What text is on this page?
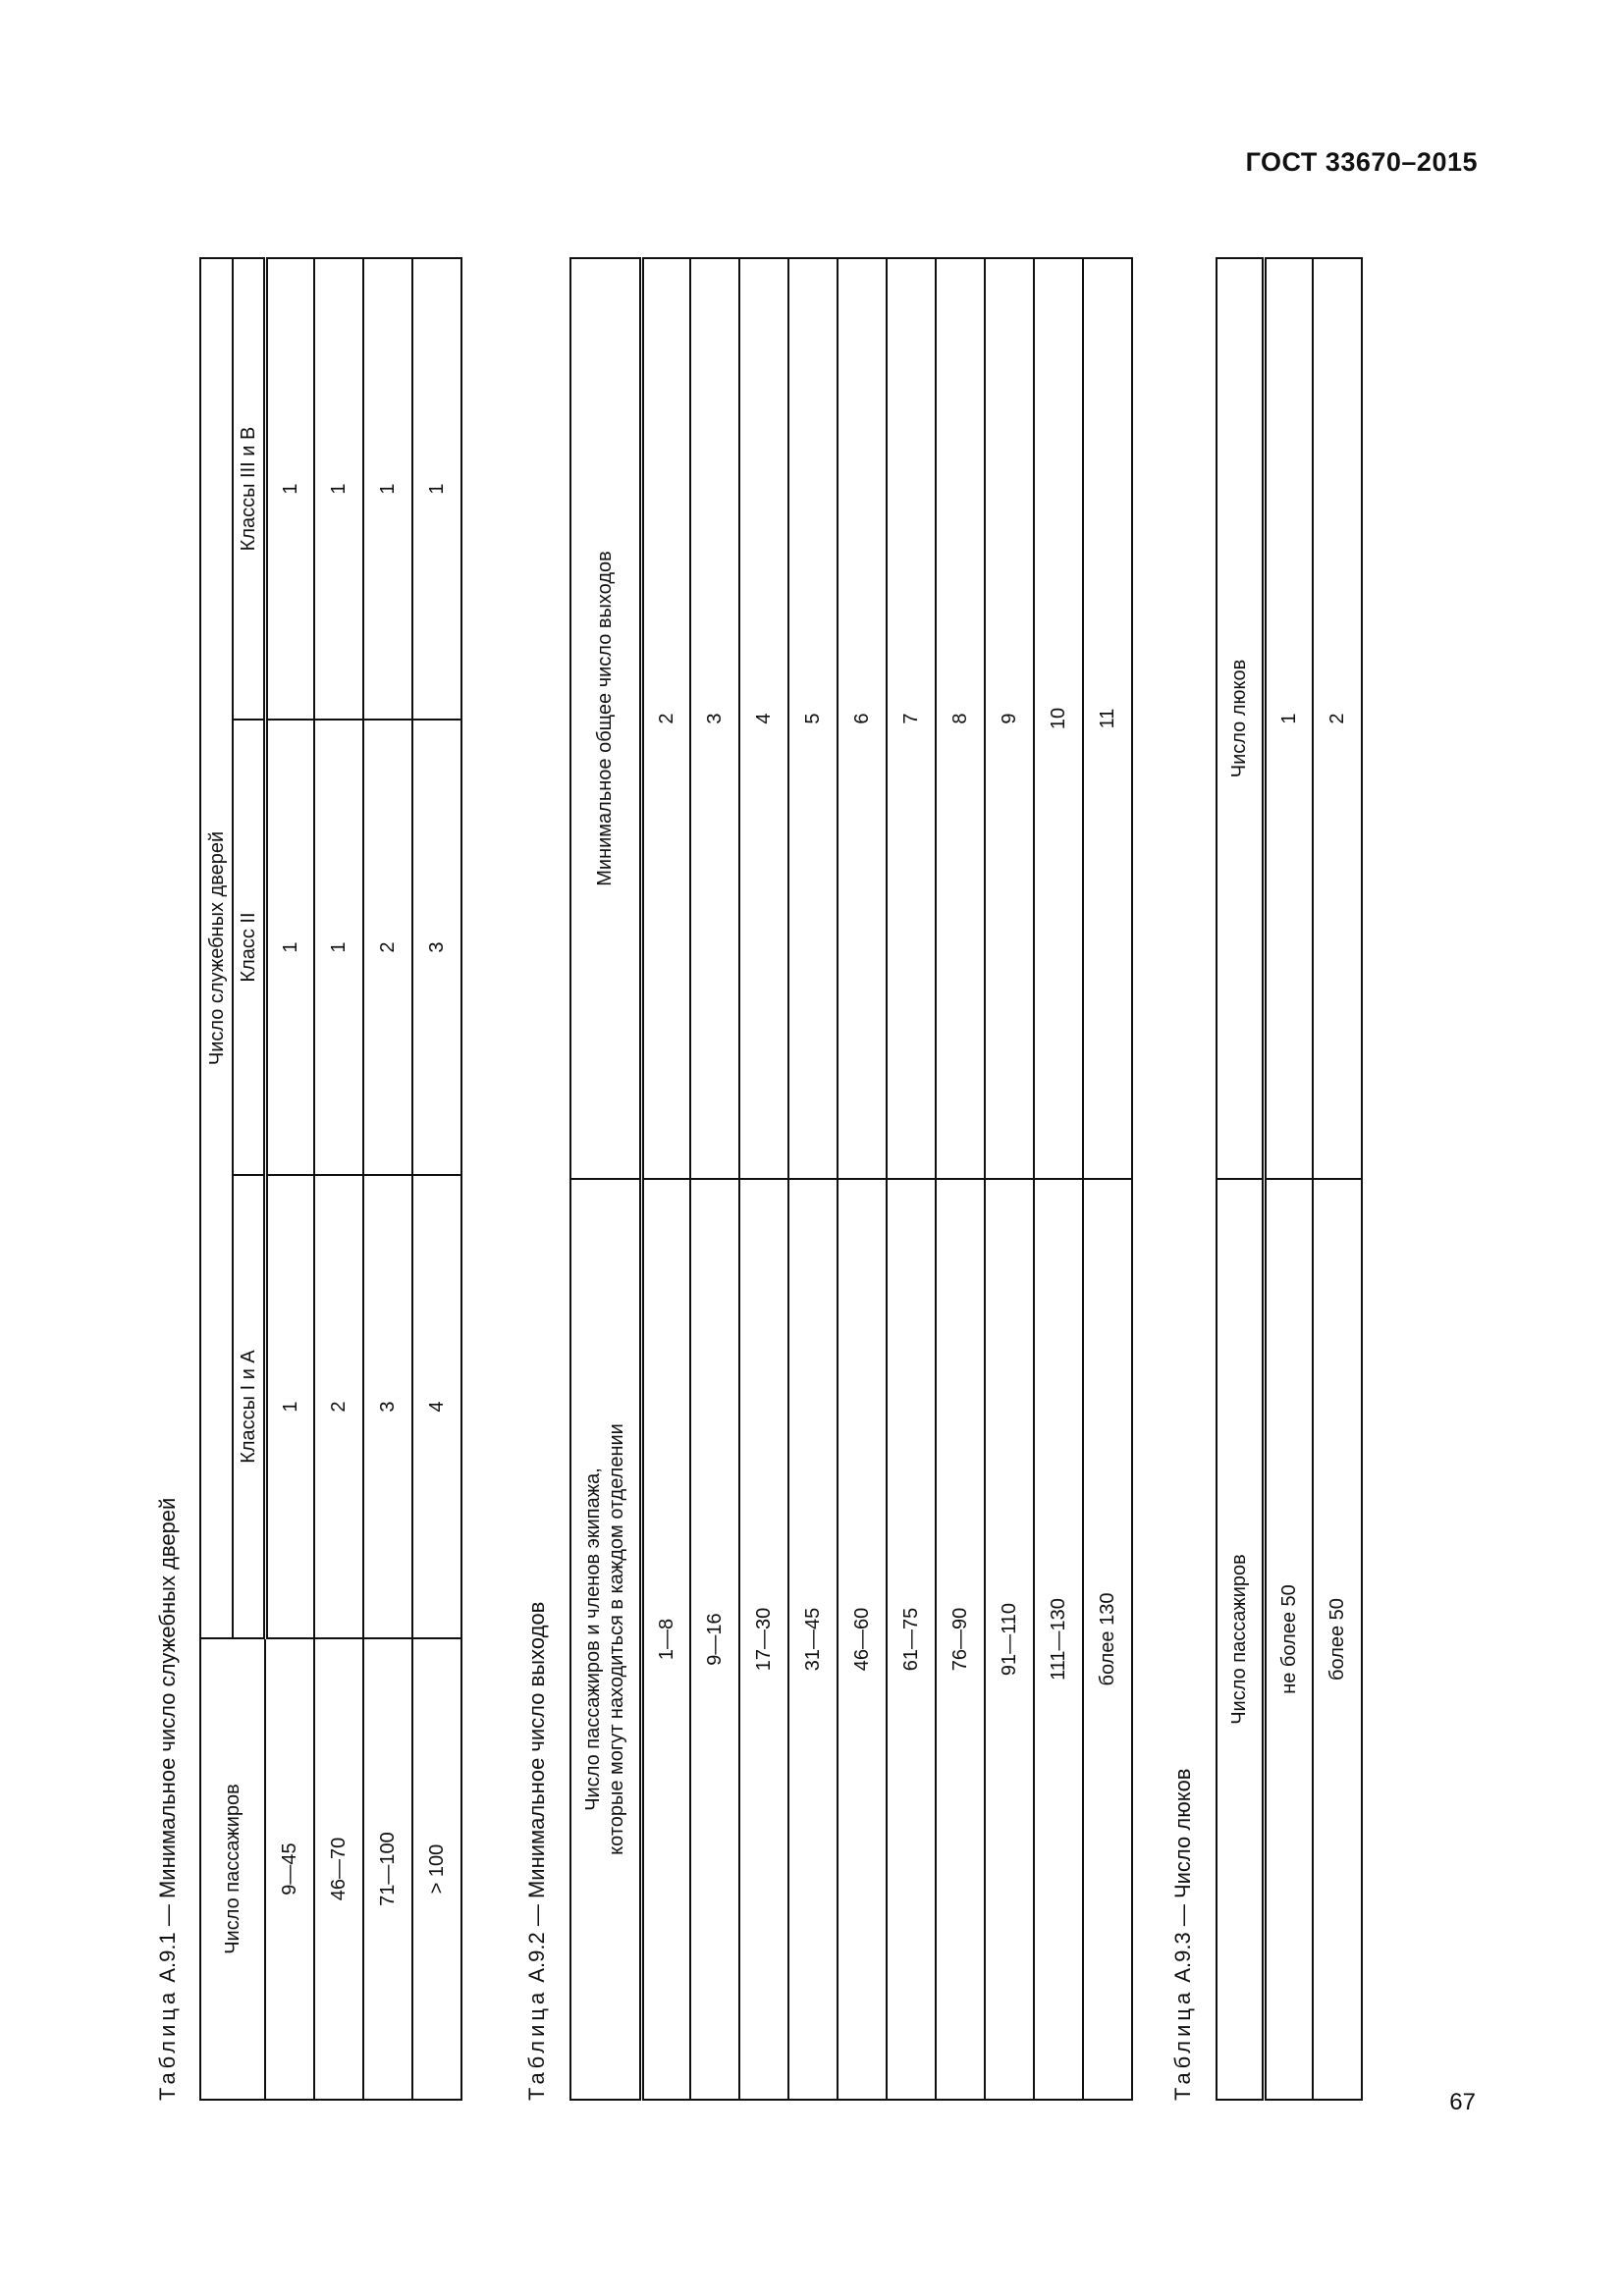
ГОСТ 33670–2015
Таблица А.9.1 — Минимальное число служебных дверей Число пассажиров	Число служебных дверей		
	Классы I и A	Класс II	Классы III и В
9—45	1	1	1
46—70	2	1	1
71—100	3	2	1
> 100	4	3	1
Таблица А.9.2 — Минимальное число выходов Число пассажиров и членов экипажа, которые могут находиться в каждом отделении	Минимальное общее число выходов
1—8	2
9—16	3
17—30	4
31—45	5
46—60	6
61—75	7
76—90	8
91—110	9
111—130	10
более 130	11
Таблица А.9.3 — Число люков
Число пассажиров	Число люков
не более 50	1
более 50	2
67
